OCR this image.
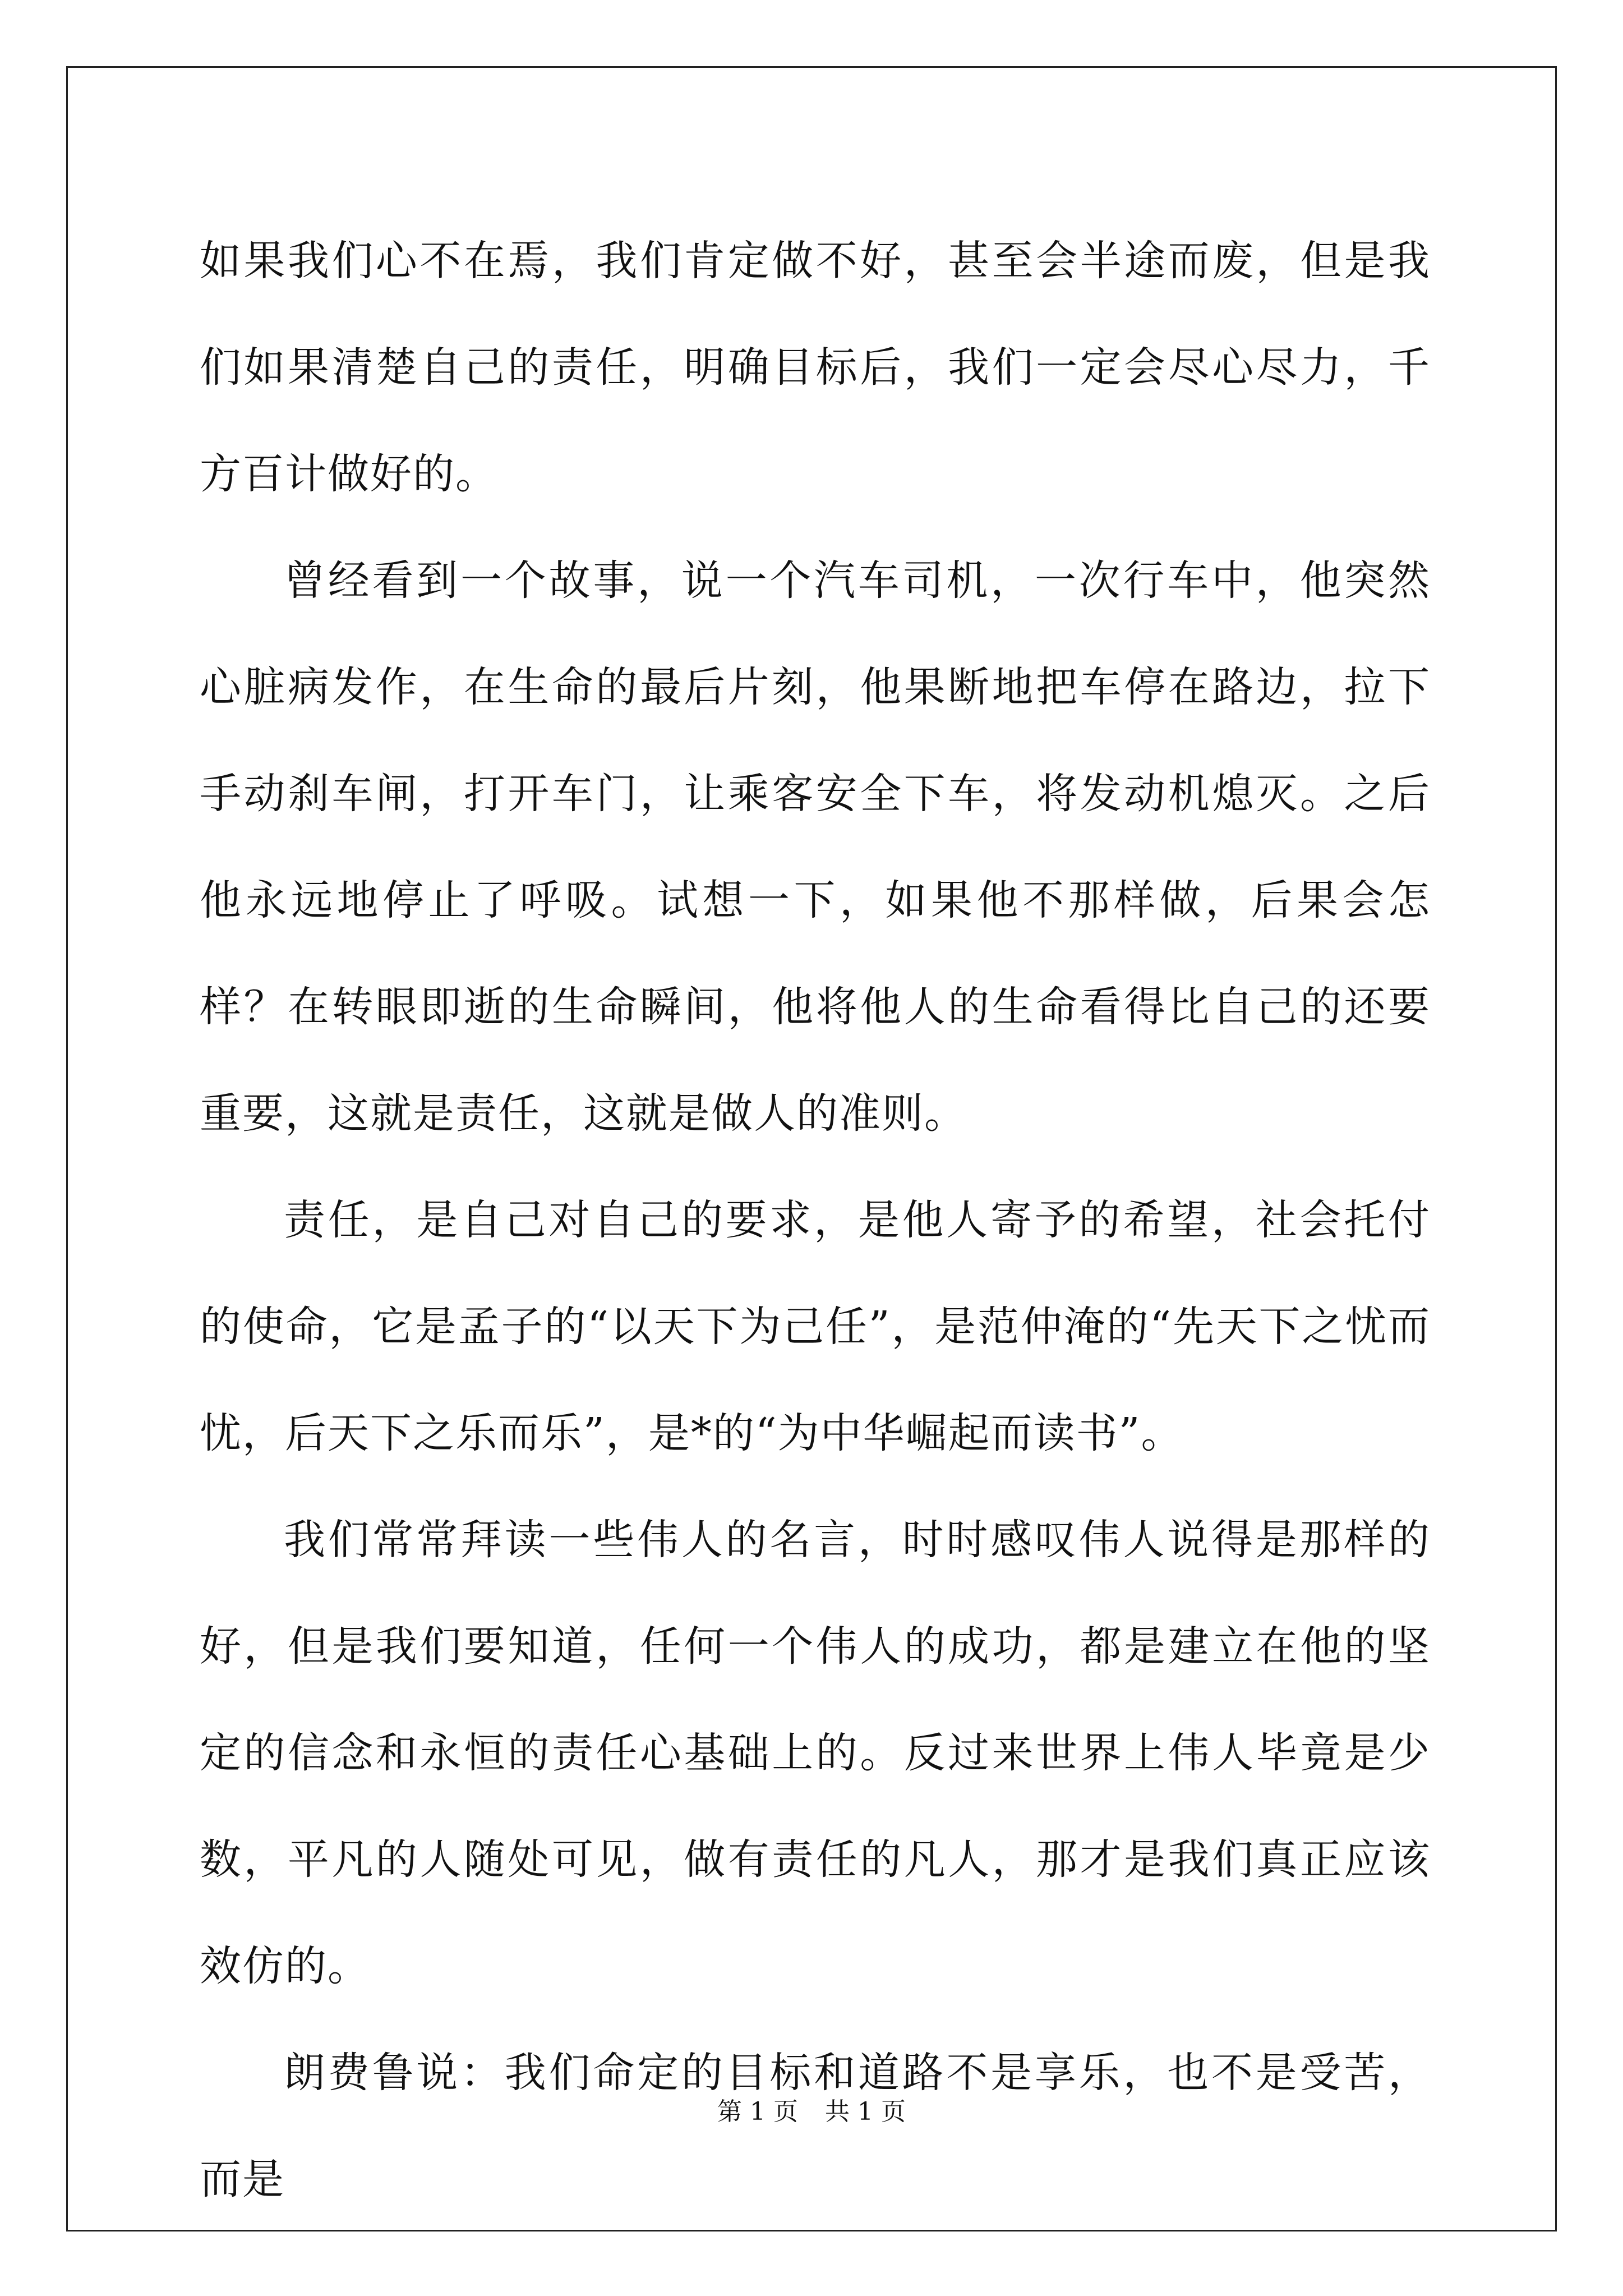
如果我们心不在焉，我们肯定做不好，甚至会半途而废，但是我们如果清楚自己的责任，明确目标后，我们一定会尽心尽力，千方百计做好的。

曾经看到一个故事，说一个汽车司机，一次行车中，他突然心脏病发作，在生命的最后片刻，他果断地把车停在路边，拉下手动刹车闸，打开车门，让乘客安全下车，将发动机熄灭。之后他永远地停止了呼吸。试想一下，如果他不那样做，后果会怎样？在转眼即逝的生命瞬间，他将他人的生命看得比自己的还要重要，这就是责任，这就是做人的准则。

责任，是自己对自己的要求，是他人寄予的希望，社会托付的使命，它是孟子的“以天下为己任”，是范仲淹的“先天下之忧而忧，后天下之乐而乐”，是*的“为中华崛起而读书”。

我们常常拜读一些伟人的名言，时时感叹伟人说得是那样的好，但是我们要知道，任何一个伟人的成功，都是建立在他的坚定的信念和永恒的责任心基础上的。反过来世界上伟人毕竟是少数，平凡的人随处可见，做有责任的凡人，那才是我们真正应该效仿的。

朗费鲁说：我们命定的目标和道路不是享乐，也不是受苦，而是

第 1 页 共 1 页
